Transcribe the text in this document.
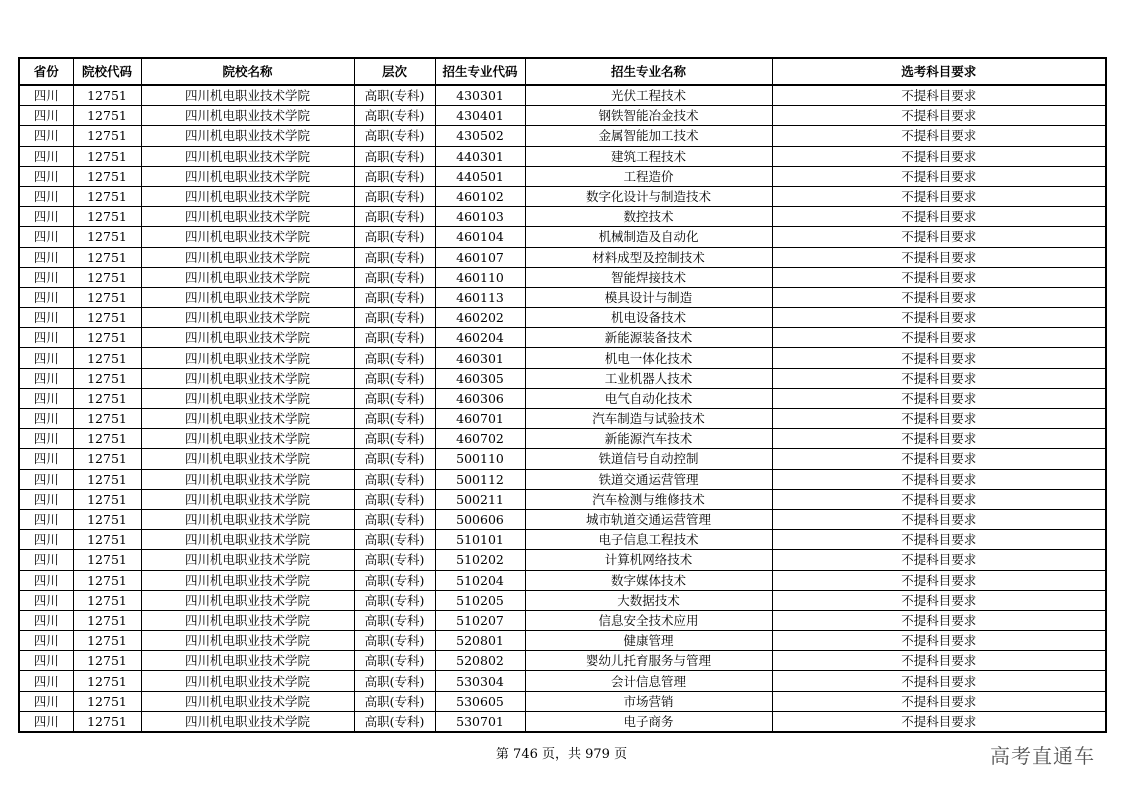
省份	院校代码	院校名称	层次	招生专业代码	招生专业名称	选考科目要求
四川	12751	四川机电职业技术学院	高职(专科)	430301	光伏工程技术	不提科目要求
四川	12751	四川机电职业技术学院	高职(专科)	430401	钢铁智能冶金技术	不提科目要求
四川	12751	四川机电职业技术学院	高职(专科)	430502	金属智能加工技术	不提科目要求
四川	12751	四川机电职业技术学院	高职(专科)	440301	建筑工程技术	不提科目要求
四川	12751	四川机电职业技术学院	高职(专科)	440501	工程造价	不提科目要求
四川	12751	四川机电职业技术学院	高职(专科)	460102	数字化设计与制造技术	不提科目要求
四川	12751	四川机电职业技术学院	高职(专科)	460103	数控技术	不提科目要求
四川	12751	四川机电职业技术学院	高职(专科)	460104	机械制造及自动化	不提科目要求
四川	12751	四川机电职业技术学院	高职(专科)	460107	材料成型及控制技术	不提科目要求
四川	12751	四川机电职业技术学院	高职(专科)	460110	智能焊接技术	不提科目要求
四川	12751	四川机电职业技术学院	高职(专科)	460113	模具设计与制造	不提科目要求
四川	12751	四川机电职业技术学院	高职(专科)	460202	机电设备技术	不提科目要求
四川	12751	四川机电职业技术学院	高职(专科)	460204	新能源装备技术	不提科目要求
四川	12751	四川机电职业技术学院	高职(专科)	460301	机电一体化技术	不提科目要求
四川	12751	四川机电职业技术学院	高职(专科)	460305	工业机器人技术	不提科目要求
四川	12751	四川机电职业技术学院	高职(专科)	460306	电气自动化技术	不提科目要求
四川	12751	四川机电职业技术学院	高职(专科)	460701	汽车制造与试验技术	不提科目要求
四川	12751	四川机电职业技术学院	高职(专科)	460702	新能源汽车技术	不提科目要求
四川	12751	四川机电职业技术学院	高职(专科)	500110	铁道信号自动控制	不提科目要求
四川	12751	四川机电职业技术学院	高职(专科)	500112	铁道交通运营管理	不提科目要求
四川	12751	四川机电职业技术学院	高职(专科)	500211	汽车检测与维修技术	不提科目要求
四川	12751	四川机电职业技术学院	高职(专科)	500606	城市轨道交通运营管理	不提科目要求
四川	12751	四川机电职业技术学院	高职(专科)	510101	电子信息工程技术	不提科目要求
四川	12751	四川机电职业技术学院	高职(专科)	510202	计算机网络技术	不提科目要求
四川	12751	四川机电职业技术学院	高职(专科)	510204	数字媒体技术	不提科目要求
四川	12751	四川机电职业技术学院	高职(专科)	510205	大数据技术	不提科目要求
四川	12751	四川机电职业技术学院	高职(专科)	510207	信息安全技术应用	不提科目要求
四川	12751	四川机电职业技术学院	高职(专科)	520801	健康管理	不提科目要求
四川	12751	四川机电职业技术学院	高职(专科)	520802	婴幼儿托育服务与管理	不提科目要求
四川	12751	四川机电职业技术学院	高职(专科)	530304	会计信息管理	不提科目要求
四川	12751	四川机电职业技术学院	高职(专科)	530605	市场营销	不提科目要求
四川	12751	四川机电职业技术学院	高职(专科)	530701	电子商务	不提科目要求
第 746 页，共 979 页	高考直通车
